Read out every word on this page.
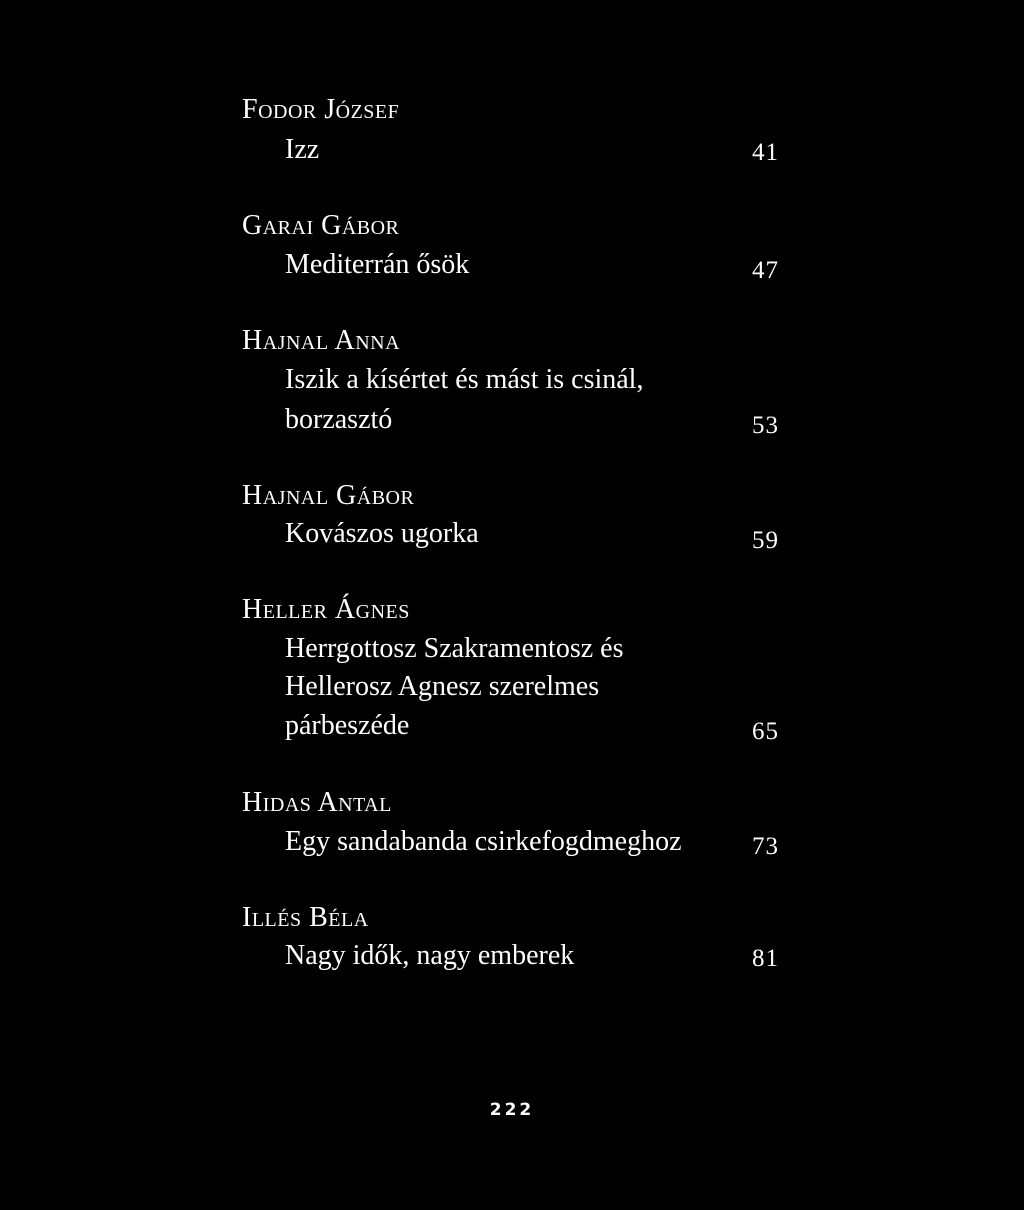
Fodor József
Izz	41
Garai Gábor
Mediterrán ősök	47
Hajnal Anna
Iszik a kísértet és mást is csinál,
borzasztó	53
Hajnal Gábor
Kovászos ugorka	59
Heller Ágnes
Herrgottosz Szakramentosz és
Hellerosz Agnesz szerelmes
párbeszéde	65
Hidas Antal
Egy sandabanda csirkefogdmeghoz	73
Illés Béla
Nagy idők, nagy emberek	81
222
